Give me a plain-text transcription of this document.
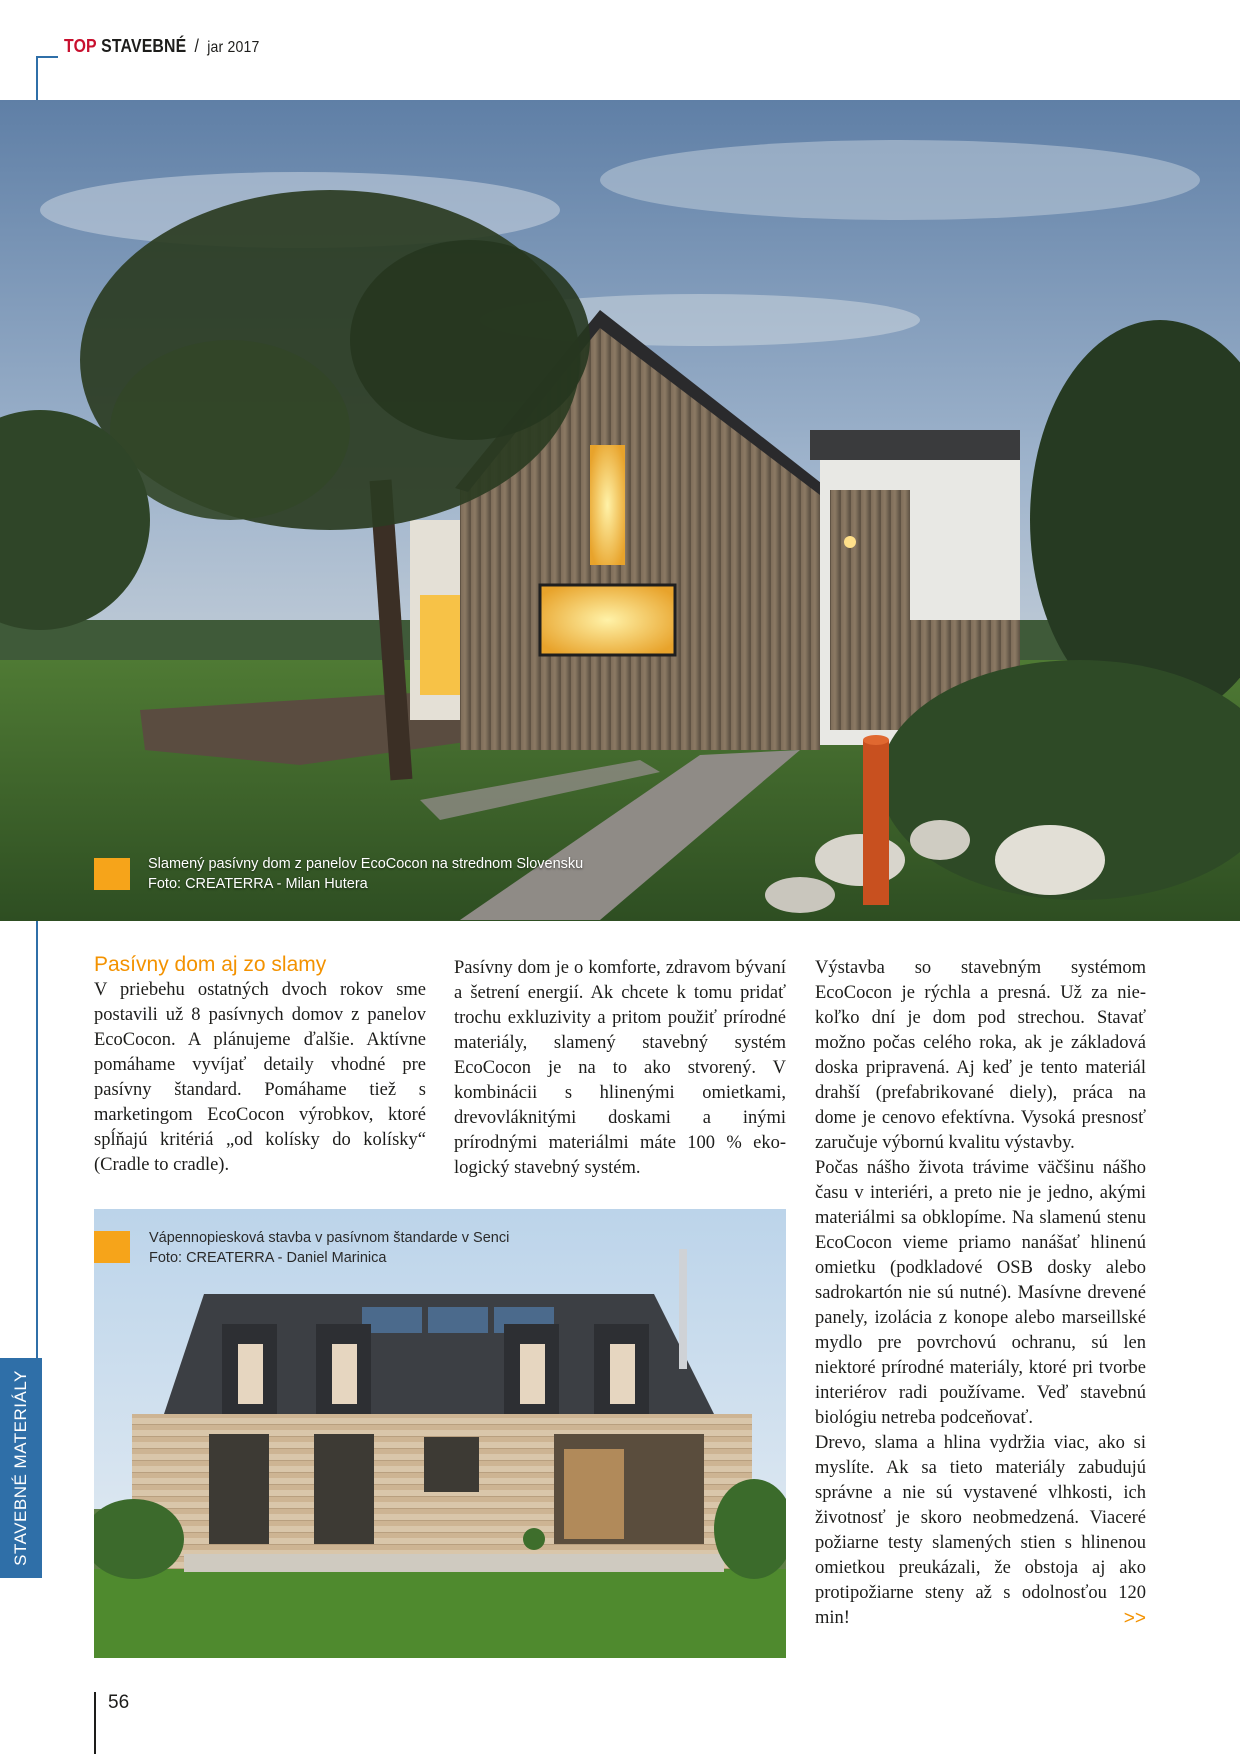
TOP STAVEBNÉ / jar 2017
Slamený pasívny dom z panelov EcoCocon na strednom Slovensku
Foto: CREATERRA - Milan Hutera
STAVEBNÉ MATERIÁLY
Pasívny dom aj zo slamy

V priebehu ostatných dvoch rokov sme postavili už 8 pasívnych domov z panelov EcoCocon. A plánujeme ďalšie. Aktívne pomáhame vyvíjať detaily vhodné pre pasívny štandard. Pomáhame tiež s marketingom EcoCocon výrobkov, ktoré spĺňajú kritériá „od kolísky do kolísky“ (Cradle to cradle).

Pasívny dom je o komforte, zdravom bývaní a šetrení energií. Ak chcete k tomu pridať trochu exkluzivity a pritom použiť prírodné materiály, slamený stavebný systém EcoCocon je na to ako stvorený. V kombinácii s hlinenými omietkami, drevovláknitými doskami a inými prírodnými materiálmi máte 100 % ekologický stavebný systém.

Výstavba so stavebným systémom EcoCocon je rýchla a presná. Už za niekoľko dní je dom pod strechou. Stavať možno počas celého roka, ak je základová doska pripravená. Aj keď je tento materiál drahší (prefabrikované diely), práca na dome je cenovo efektívna. Vysoká presnosť zaručuje výbornú kvalitu výstavby.

Počas nášho života trávime väčšinu nášho času v interiéri, a preto nie je jedno, akými materiálmi sa obklopíme. Na slamenú stenu EcoCocon vieme priamo nanášať hlinenú omietku (podkladové OSB dosky alebo sadrokartón nie sú nutné). Masívne drevené panely, izolácia z konope alebo marseillské mydlo pre povrchovú ochranu, sú len niektoré prírodné materiály, ktoré pri tvorbe interiérov radi používame. Veď stavebnú biológiu netreba podceňovať.

Drevo, slama a hlina vydržia viac, ako si myslíte. Ak sa tieto materiály zabudujú správne a nie sú vystavené vlhkosti, ich životnosť je skoro neobmedzená. Viaceré požiarne testy slamených stien s hlinenou omietkou preukázali, že obstoja aj ako protipožiarne steny až s odolnosťou 120 min!	>>

Vápennopiesková stavba v pasívnom štandarde v Senci
Foto: CREATERRA - Daniel Marinica
56
